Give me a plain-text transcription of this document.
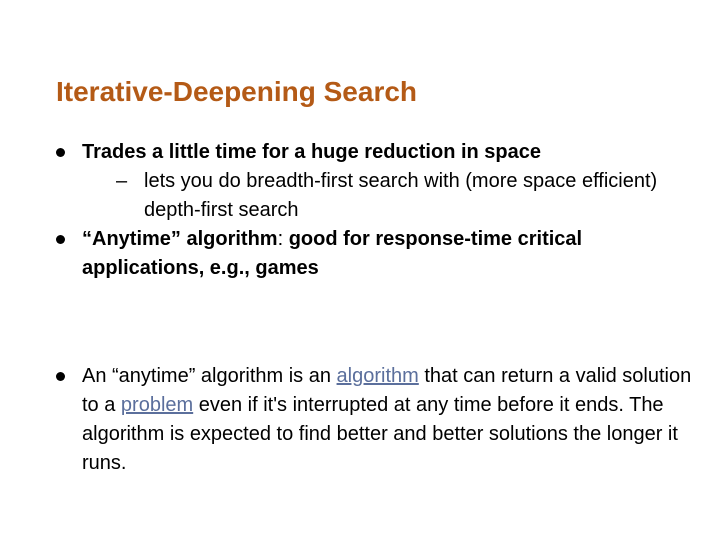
Iterative-Deepening Search
Trades a little time for a huge reduction in space
– lets you do breadth-first search with (more space efficient) depth-first search
“Anytime” algorithm: good for response-time critical applications, e.g., games
An “anytime” algorithm is an algorithm that can return a valid solution to a problem even if it's interrupted at any time before it ends. The algorithm is expected to find better and better solutions the longer it runs.
